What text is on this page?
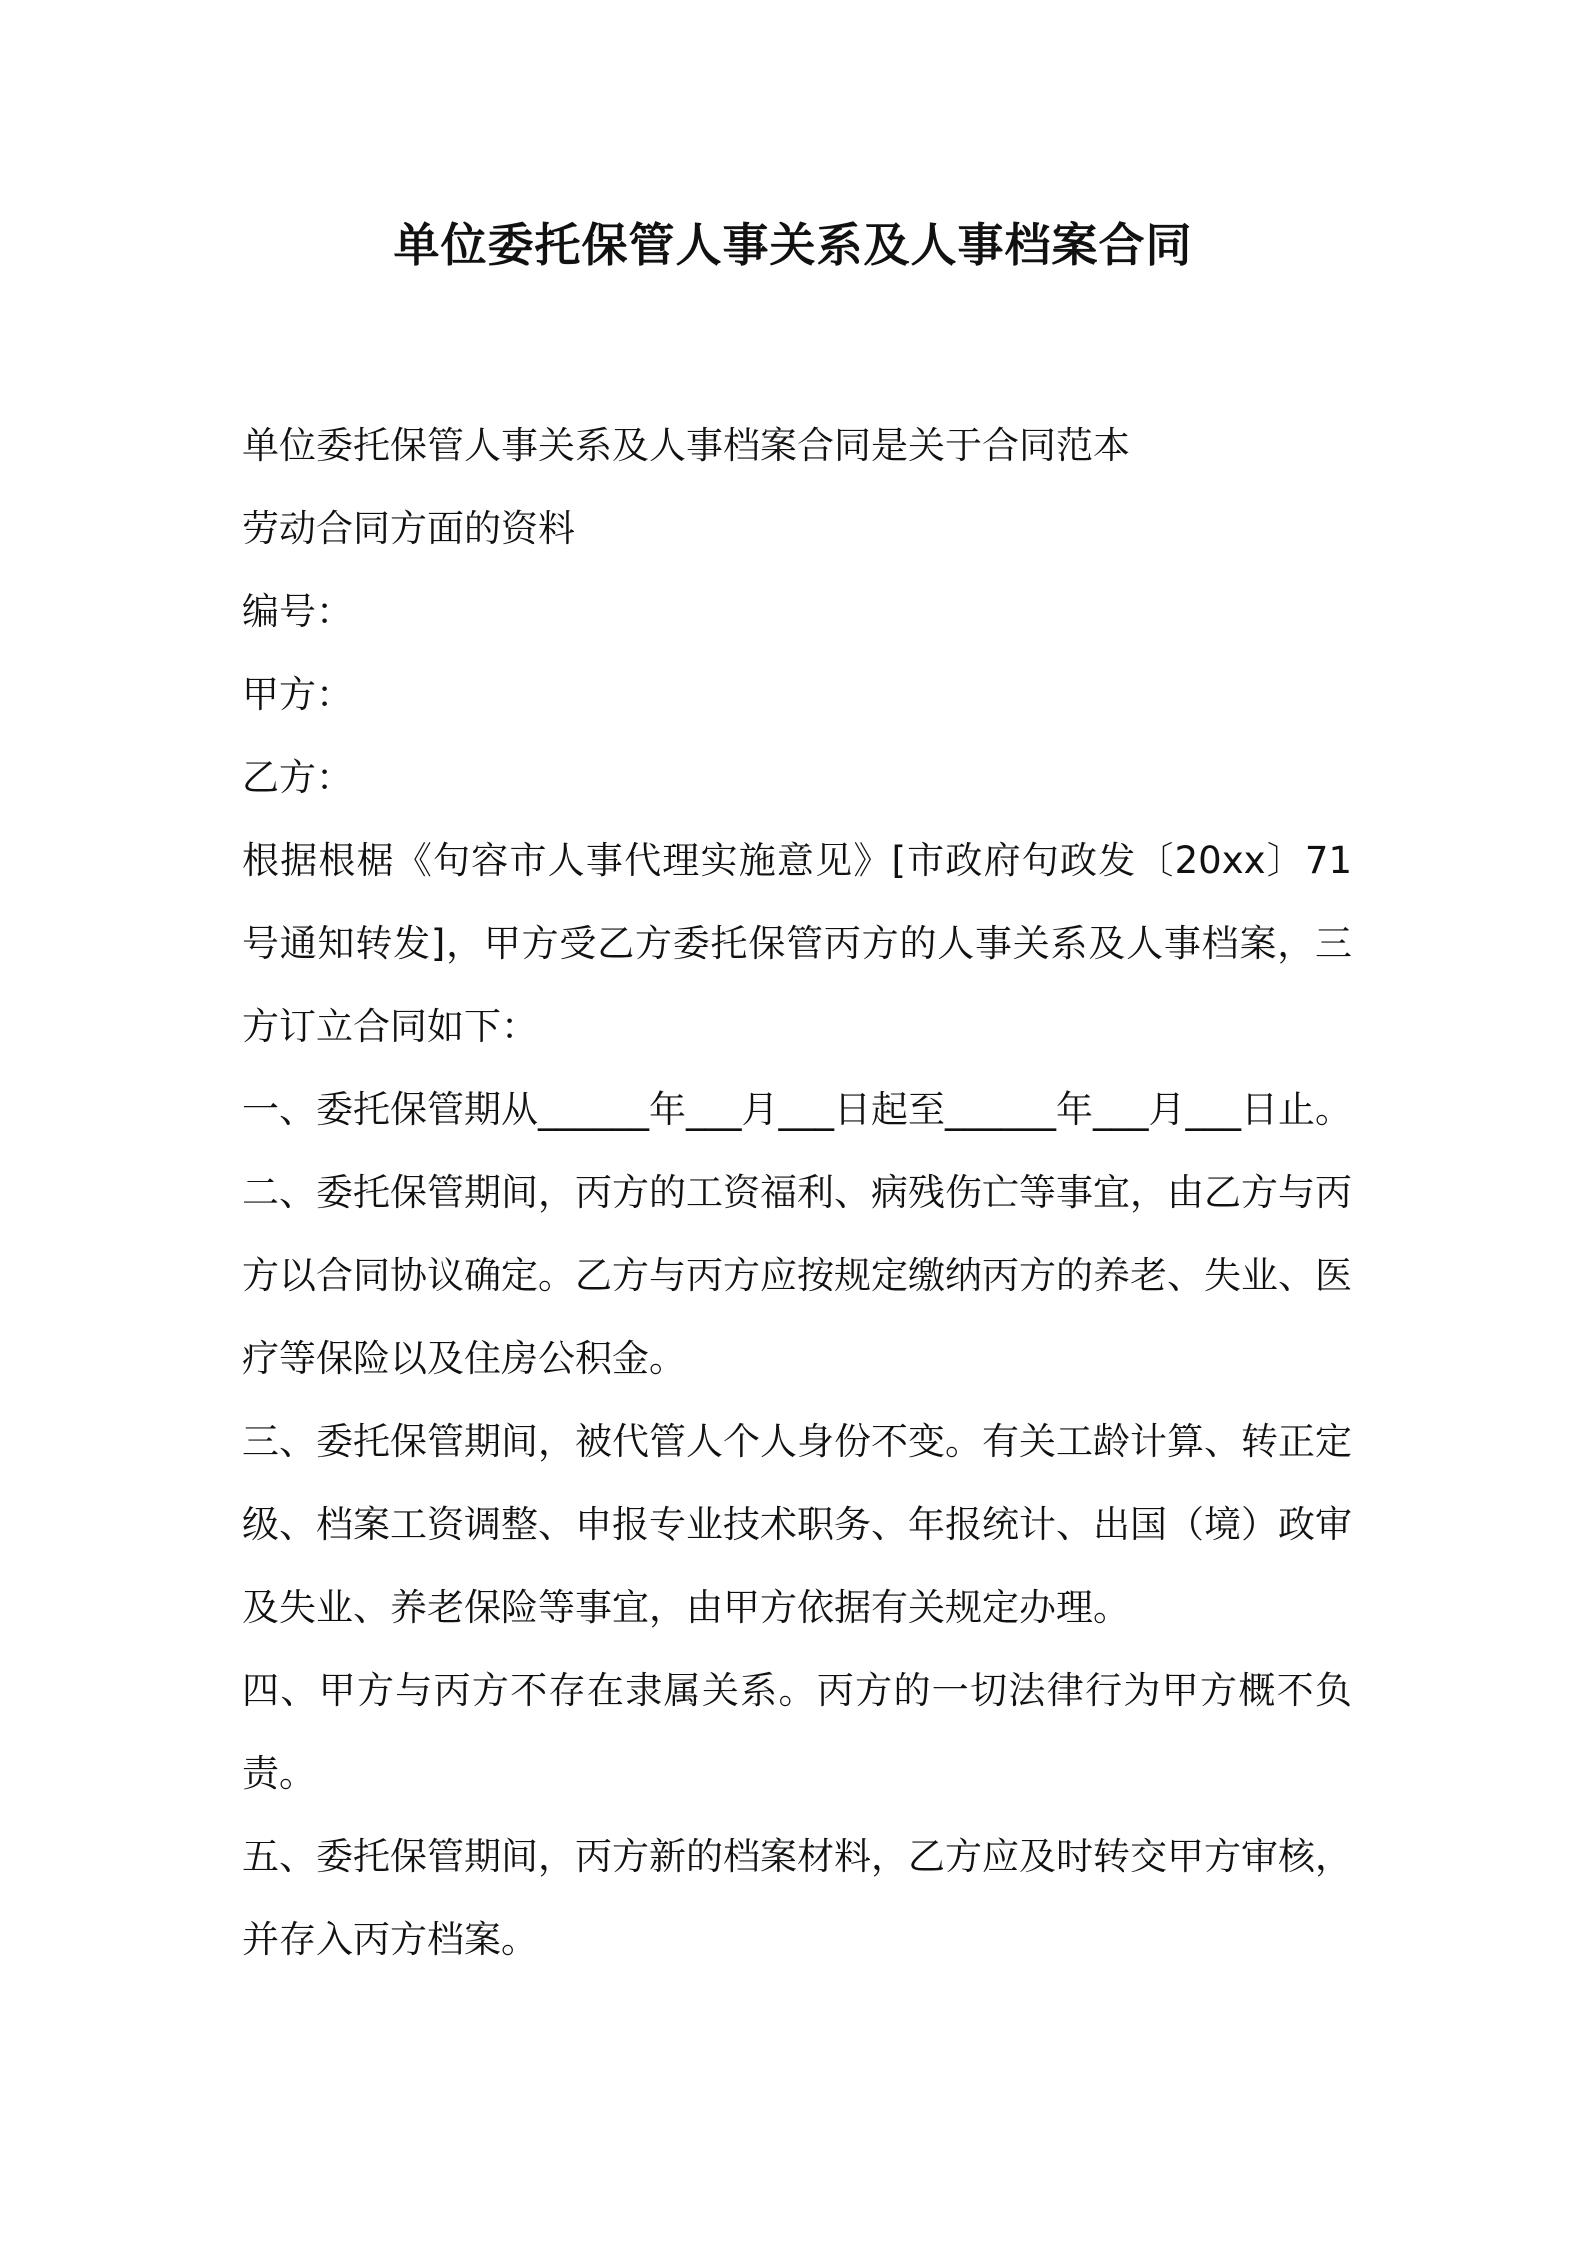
单位委托保管人事关系及人事档案合同

单位委托保管人事关系及人事档案合同是关于合同范本

劳动合同方面的资料

编号：

甲方：

乙方：

根据根椐《句容市人事代理实施意见》[市政府句政发〔20xx〕71号通知转发]，甲方受乙方委托保管丙方的人事关系及人事档案，三方订立合同如下：

一、委托保管期从______年___月___日起至______年___月___日止。

二、委托保管期间，丙方的工资福利、病残伤亡等事宜，由乙方与丙方以合同协议确定。乙方与丙方应按规定缴纳丙方的养老、失业、医疗等保险以及住房公积金。

三、委托保管期间，被代管人个人身份不变。有关工龄计算、转正定级、档案工资调整、申报专业技术职务、年报统计、出国（境）政审及失业、养老保险等事宜，由甲方依据有关规定办理。

四、甲方与丙方不存在隶属关系。丙方的一切法律行为甲方概不负责。

五、委托保管期间，丙方新的档案材料，乙方应及时转交甲方审核，并存入丙方档案。
